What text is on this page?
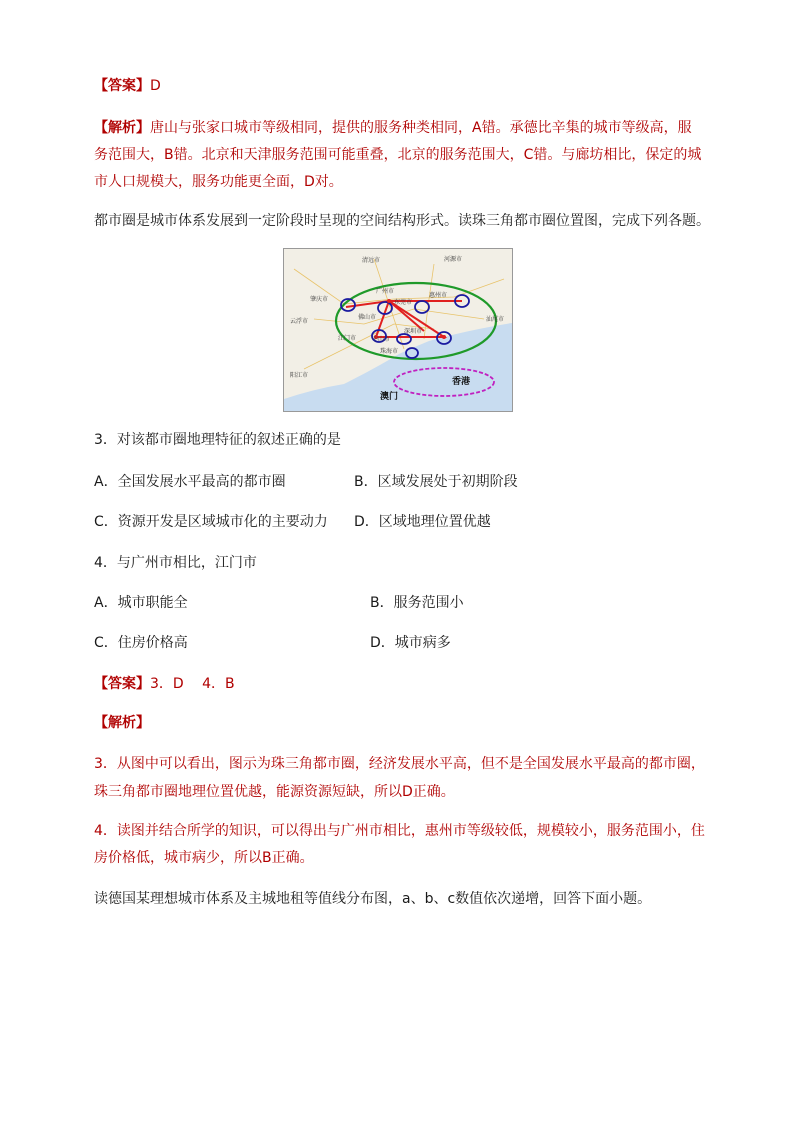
【答案】D
【解析】唐山与张家口城市等级相同，提供的服务种类相同，A错。承德比辛集的城市等级高，服
务范围大，B错。北京和天津服务范围可能重叠，北京的服务范围大，C错。与廊坊相比，保定的城
市人口规模大，服务功能更全面，D对。
都市圈是城市体系发展到一定阶段时呈现的空间结构形式。读珠三角都市圈位置图，完成下列各题。
清远市	河源市
肇庆市
广州市
东莞市
惠州市
佛山市
云浮市	汕尾市
深圳市
中山市
江门市
珠海市
阳江市
香港
澳门
3．对该都市圈地理特征的叙述正确的是
A．全国发展水平最高的都市圈	B．区域发展处于初期阶段
C．资源开发是区域城市化的主要动力 D．区域地理位置优越
4．与广州市相比，江门市
A．城市职能全	B．服务范围小
C．住房价格高	D．城市病多
【答案】3．D　 4．B
【解析】
3．从图中可以看出，图示为珠三角都市圈，经济发展水平高，但不是全国发展水平最高的都市圈，
珠三角都市圈地理位置优越，能源资源短缺，所以D正确。
4．读图并结合所学的知识，可以得出与广州市相比，惠州市等级较低，规模较小，服务范围小，住
房价格低，城市病少，所以B正确。
读德国某理想城市体系及主城地租等值线分布图，a、b、c数值依次递增，回答下面小题。
